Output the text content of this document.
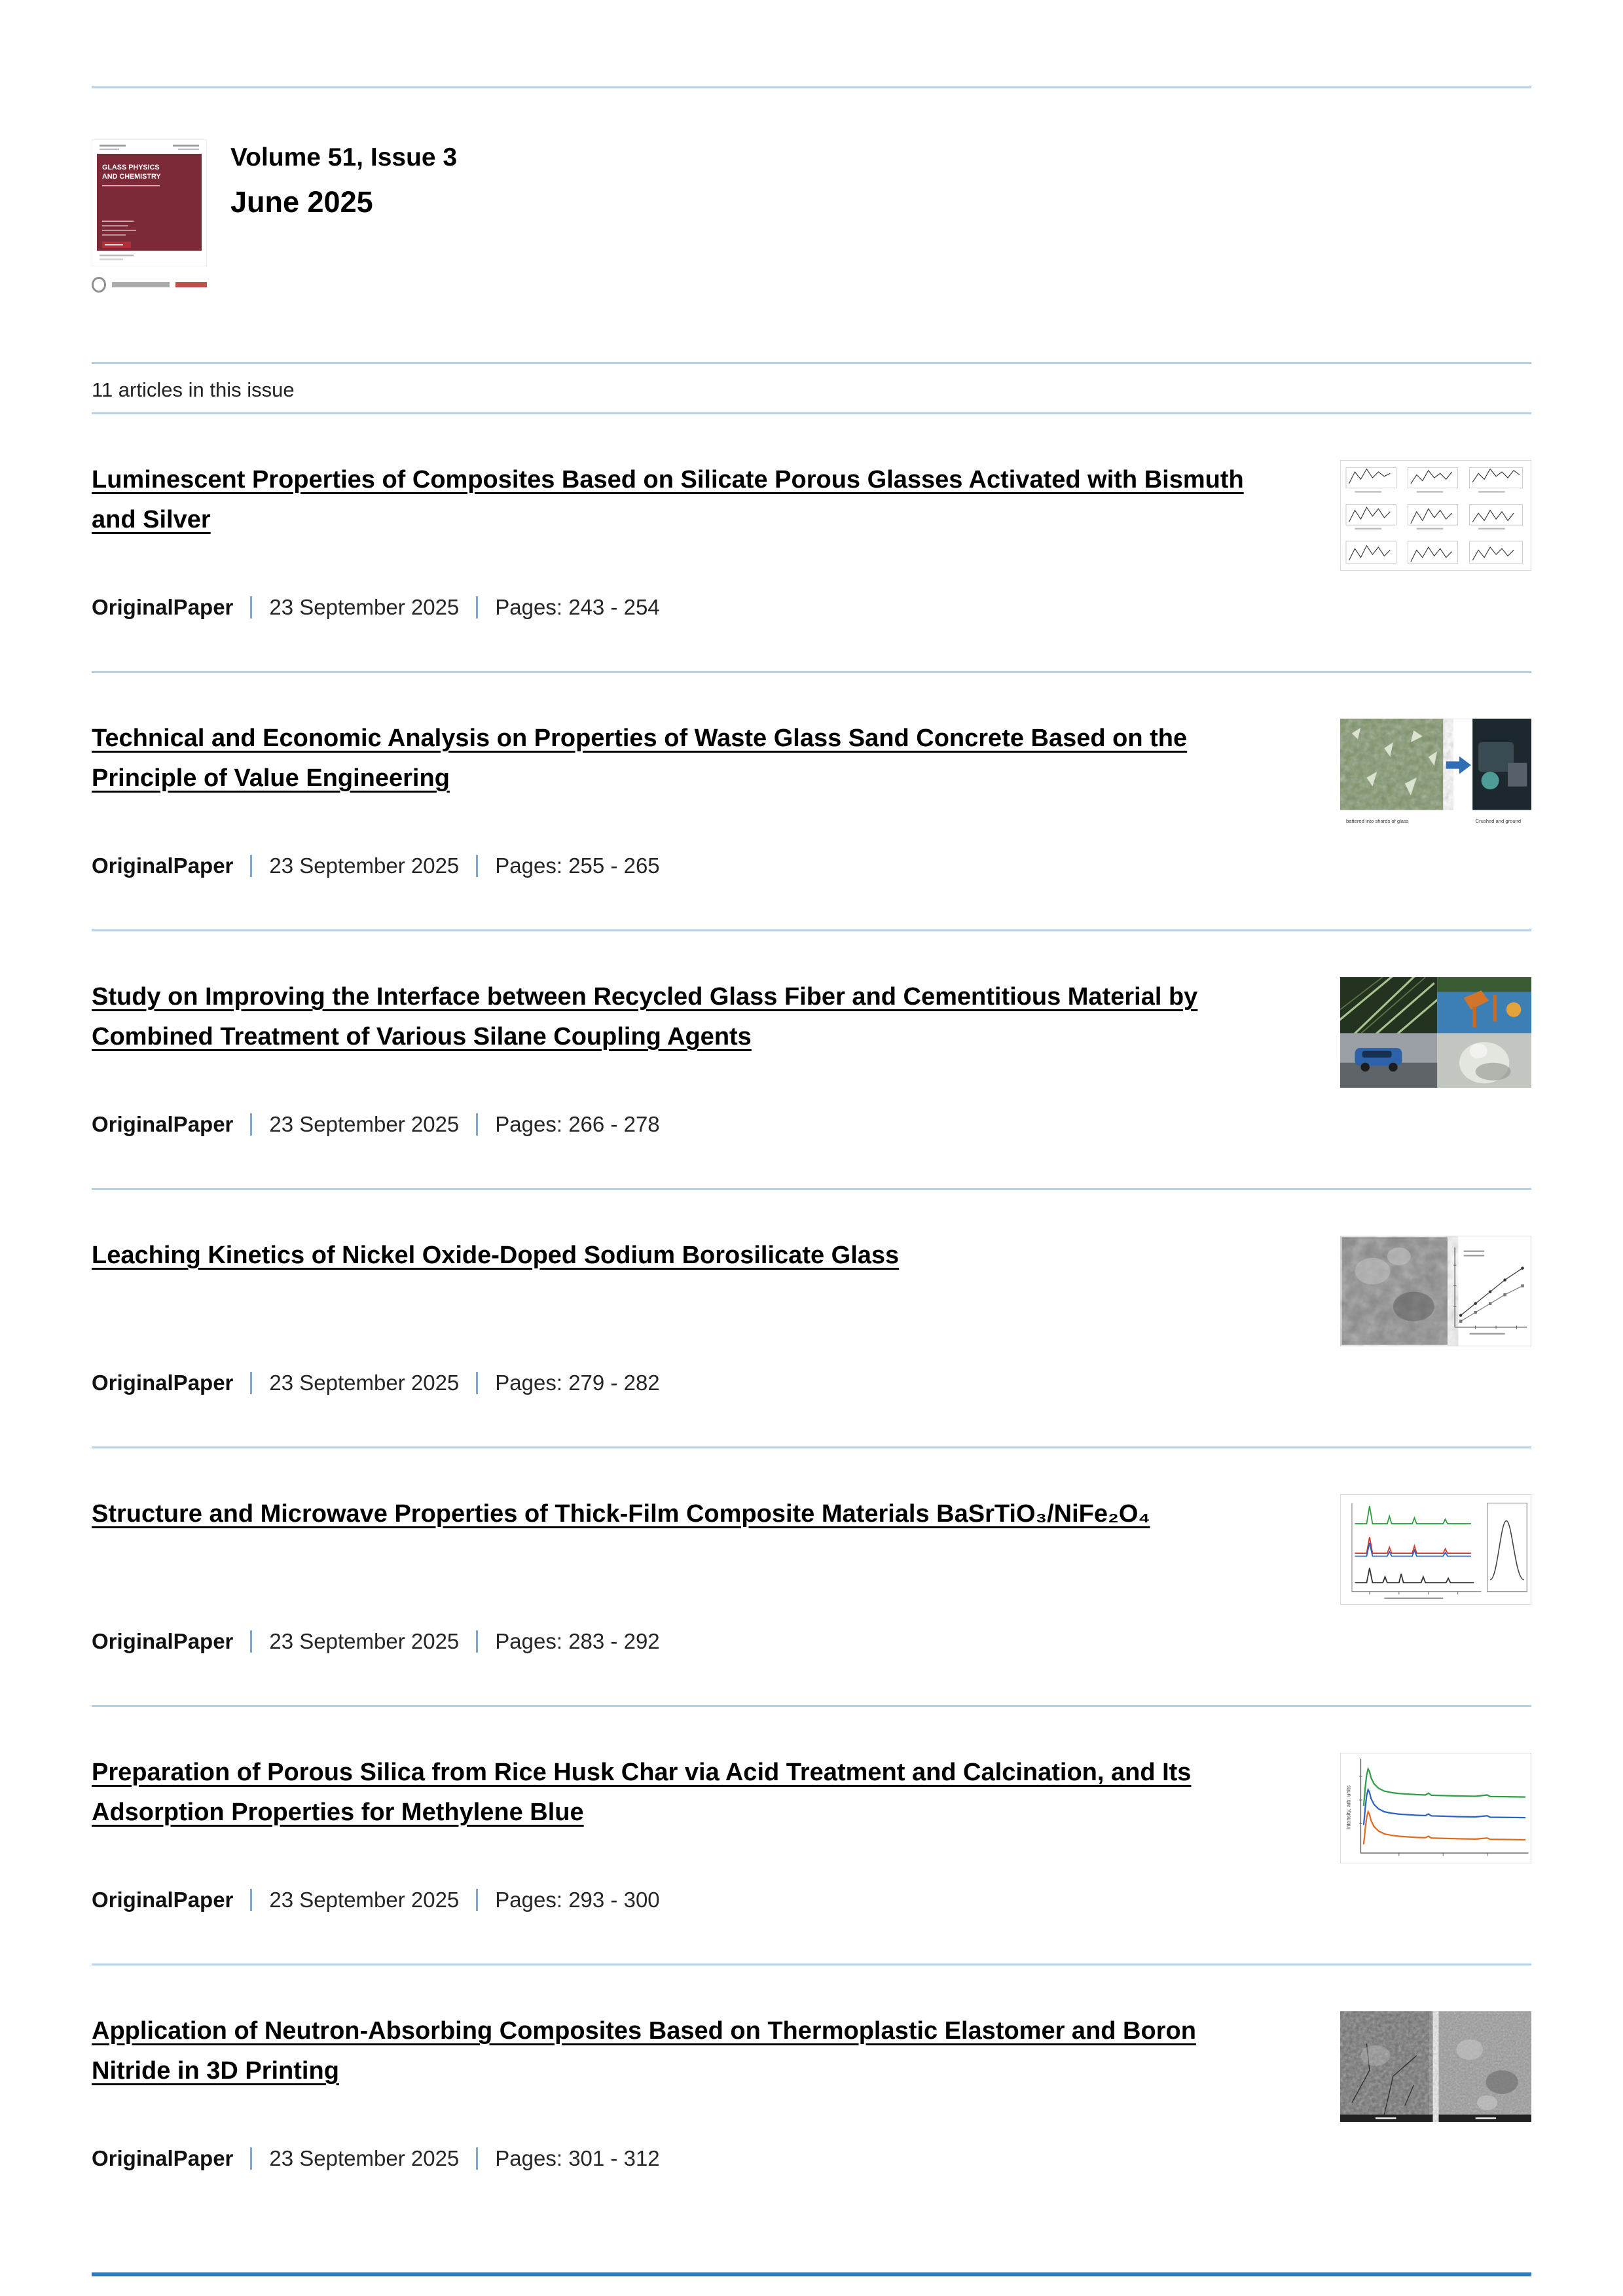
GLASS PHYSICS
AND CHEMISTRY

Volume 51, Issue 3

June 2025

11 articles in this issue

Luminescent Properties of Composites Based on Silicate Porous Glasses Activated with Bismuth and Silver
OriginalPaper 23 September 2025 Pages: 243 - 254
Technical and Economic Analysis on Properties of Waste Glass Sand Concrete Based on the Principle of Value Engineering
OriginalPaper 23 September 2025 Pages: 255 - 265
battered into shards of glass	Crushed and ground
Study on Improving the Interface between Recycled Glass Fiber and Cementitious Material by Combined Treatment of Various Silane Coupling Agents
OriginalPaper 23 September 2025 Pages: 266 - 278
Leaching Kinetics of Nickel Oxide-Doped Sodium Borosilicate Glass
OriginalPaper 23 September 2025 Pages: 279 - 282
Structure and Microwave Properties of Thick-Film Composite Materials BaSrTiO₃/NiFe₂O₄
OriginalPaper 23 September 2025 Pages: 283 - 292
Preparation of Porous Silica from Rice Husk Char via Acid Treatment and Calcination, and Its Adsorption Properties for Methylene Blue
OriginalPaper 23 September 2025 Pages: 293 - 300
Intensity, arb. units
Application of Neutron-Absorbing Composites Based on Thermoplastic Elastomer and Boron Nitride in 3D Printing
OriginalPaper 23 September 2025 Pages: 301 - 312
